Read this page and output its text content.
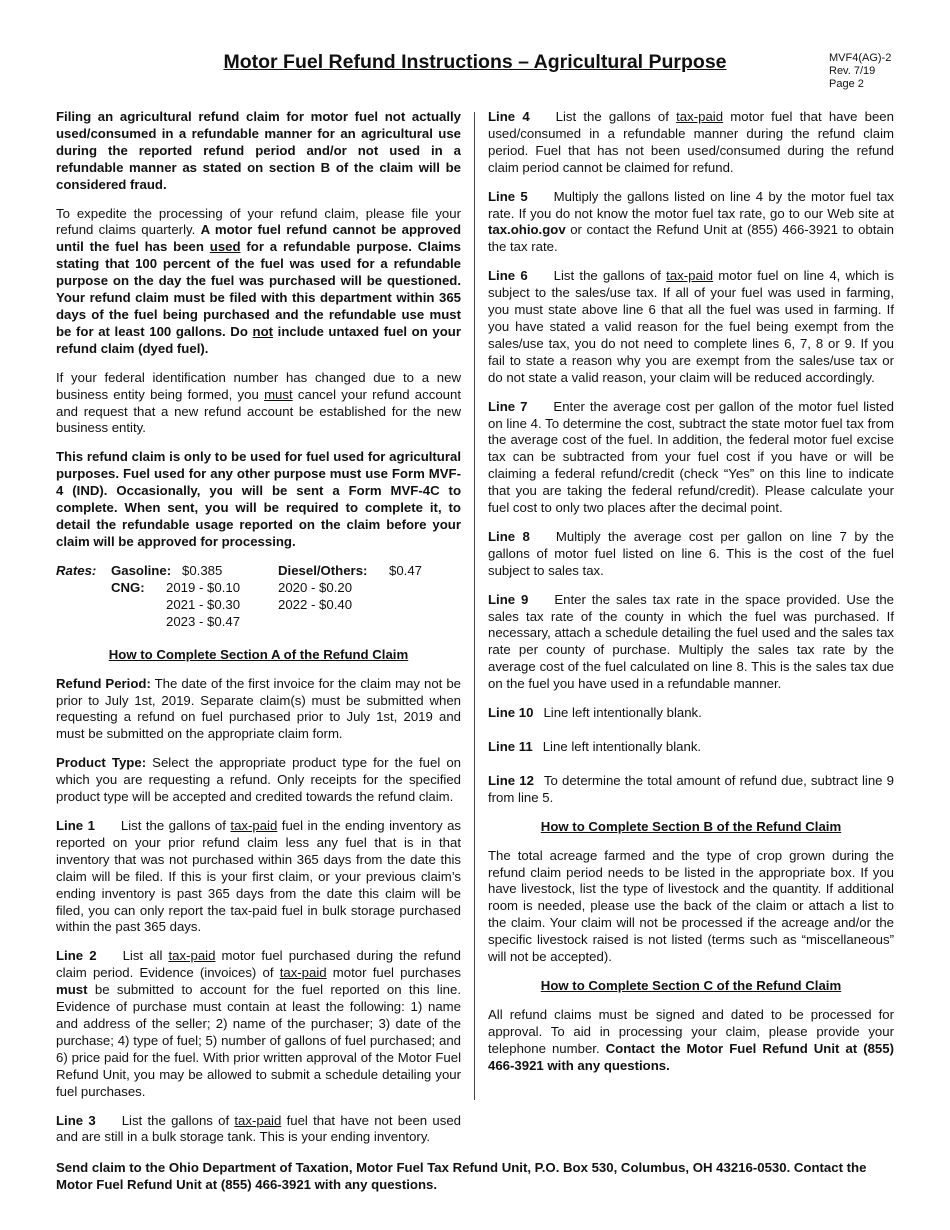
Motor Fuel Refund Instructions – Agricultural Purpose	MVF4(AG)-2
Rev. 7/19
Page 2

Filing an agricultural refund claim for motor fuel not actually used/consumed in a refundable manner for an agricultural use during the reported refund period and/or not used in a refundable manner as stated on section B of the claim will be considered fraud.

To expedite the processing of your refund claim, please file your refund claims quarterly. A motor fuel refund cannot be approved until the fuel has been used for a refundable purpose. Claims stating that 100 percent of the fuel was used for a refundable purpose on the day the fuel was purchased will be questioned. Your refund claim must be filed with this department within 365 days of the fuel being purchased and the refundable use must be for at least 100 gallons. Do not include untaxed fuel on your refund claim (dyed fuel).

If your federal identification number has changed due to a new business entity being formed, you must cancel your refund account and request that a new refund account be established for the new business entity.

This refund claim is only to be used for fuel used for agricultural purposes. Fuel used for any other purpose must use Form MVF-4 (IND). Occasionally, you will be sent a Form MVF-4C to complete. When sent, you will be required to complete it, to detail the refundable usage reported on the claim before your claim will be approved for processing.

Rates: Gasoline: $0.385	Diesel/Others: $0.47
CNG: 2019 - $0.10	2020 - $0.20
2021 - $0.30	2022 - $0.40
2023 - $0.47
How to Complete Section A of the Refund Claim

Refund Period: The date of the first invoice for the claim may not be prior to July 1st, 2019. Separate claim(s) must be submitted when requesting a refund on fuel purchased prior to July 1st, 2019 and must be submitted on the appropriate claim form.

Product Type: Select the appropriate product type for the fuel on which you are requesting a refund. Only receipts for the specified product type will be accepted and credited towards the refund claim.

Line 1 List the gallons of tax-paid fuel in the ending inventory as reported on your prior refund claim less any fuel that is in that inventory that was not purchased within 365 days from the date this claim will be filed. If this is your first claim, or your previous claim’s ending inventory is past 365 days from the date this claim will be filed, you can only report the tax-paid fuel in bulk storage purchased within the past 365 days.

Line 2 List all tax-paid motor fuel purchased during the refund claim period. Evidence (invoices) of tax-paid motor fuel purchases must be submitted to account for the fuel reported on this line. Evidence of purchase must contain at least the following: 1) name and address of the seller; 2) name of the purchaser; 3) date of the purchase; 4) type of fuel; 5) number of gallons of fuel purchased; and 6) price paid for the fuel. With prior written approval of the Motor Fuel Refund Unit, you may be allowed to submit a schedule detailing your fuel purchases.

Line 3 List the gallons of tax-paid fuel that have not been used and are still in a bulk storage tank. This is your ending inventory.

Line 4 List the gallons of tax-paid motor fuel that have been used/consumed in a refundable manner during the refund claim period. Fuel that has not been used/consumed during the refund claim period cannot be claimed for refund.

Line 5 Multiply the gallons listed on line 4 by the motor fuel tax rate. If you do not know the motor fuel tax rate, go to our Web site at tax.ohio.gov or contact the Refund Unit at (855) 466-3921 to obtain the tax rate.

Line 6 List the gallons of tax-paid motor fuel on line 4, which is subject to the sales/use tax. If all of your fuel was used in farming, you must state above line 6 that all the fuel was used in farming. If you have stated a valid reason for the fuel being exempt from the sales/use tax, you do not need to complete lines 6, 7, 8 or 9. If you fail to state a reason why you are exempt from the sales/use tax or do not state a valid reason, your claim will be reduced accordingly.

Line 7 Enter the average cost per gallon of the motor fuel listed on line 4. To determine the cost, subtract the state motor fuel tax from the average cost of the fuel. In addition, the federal motor fuel excise tax can be subtracted from your fuel cost if you have or will be claiming a federal refund/credit (check “Yes” on this line to indicate that you are taking the federal refund/credit). Please calculate your fuel cost to only two places after the decimal point.

Line 8 Multiply the average cost per gallon on line 7 by the gallons of motor fuel listed on line 6. This is the cost of the fuel subject to sales tax.

Line 9 Enter the sales tax rate in the space provided. Use the sales tax rate of the county in which the fuel was purchased. If necessary, attach a schedule detailing the fuel used and the sales tax rate per county of purchase. Multiply the sales tax rate by the average cost of the fuel calculated on line 8. This is the sales tax due on the fuel you have used in a refundable manner.

Line 10 Line left intentionally blank.

Line 11 Line left intentionally blank.

Line 12 To determine the total amount of refund due, subtract line 9 from line 5.

How to Complete Section B of the Refund Claim

The total acreage farmed and the type of crop grown during the refund claim period needs to be listed in the appropriate box. If you have livestock, list the type of livestock and the quantity. If additional room is needed, please use the back of the claim or attach a list to the claim. Your claim will not be processed if the acreage and/or the specific livestock raised is not listed (terms such as “miscellaneous” will not be accepted).

How to Complete Section C of the Refund Claim

All refund claims must be signed and dated to be processed for approval. To aid in processing your claim, please provide your telephone number. Contact the Motor Fuel Refund Unit at (855) 466-3921 with any questions.

Send claim to the Ohio Department of Taxation, Motor Fuel Tax Refund Unit, P.O. Box 530, Columbus, OH 43216-0530. Contact the Motor Fuel Refund Unit at (855) 466-3921 with any questions.
